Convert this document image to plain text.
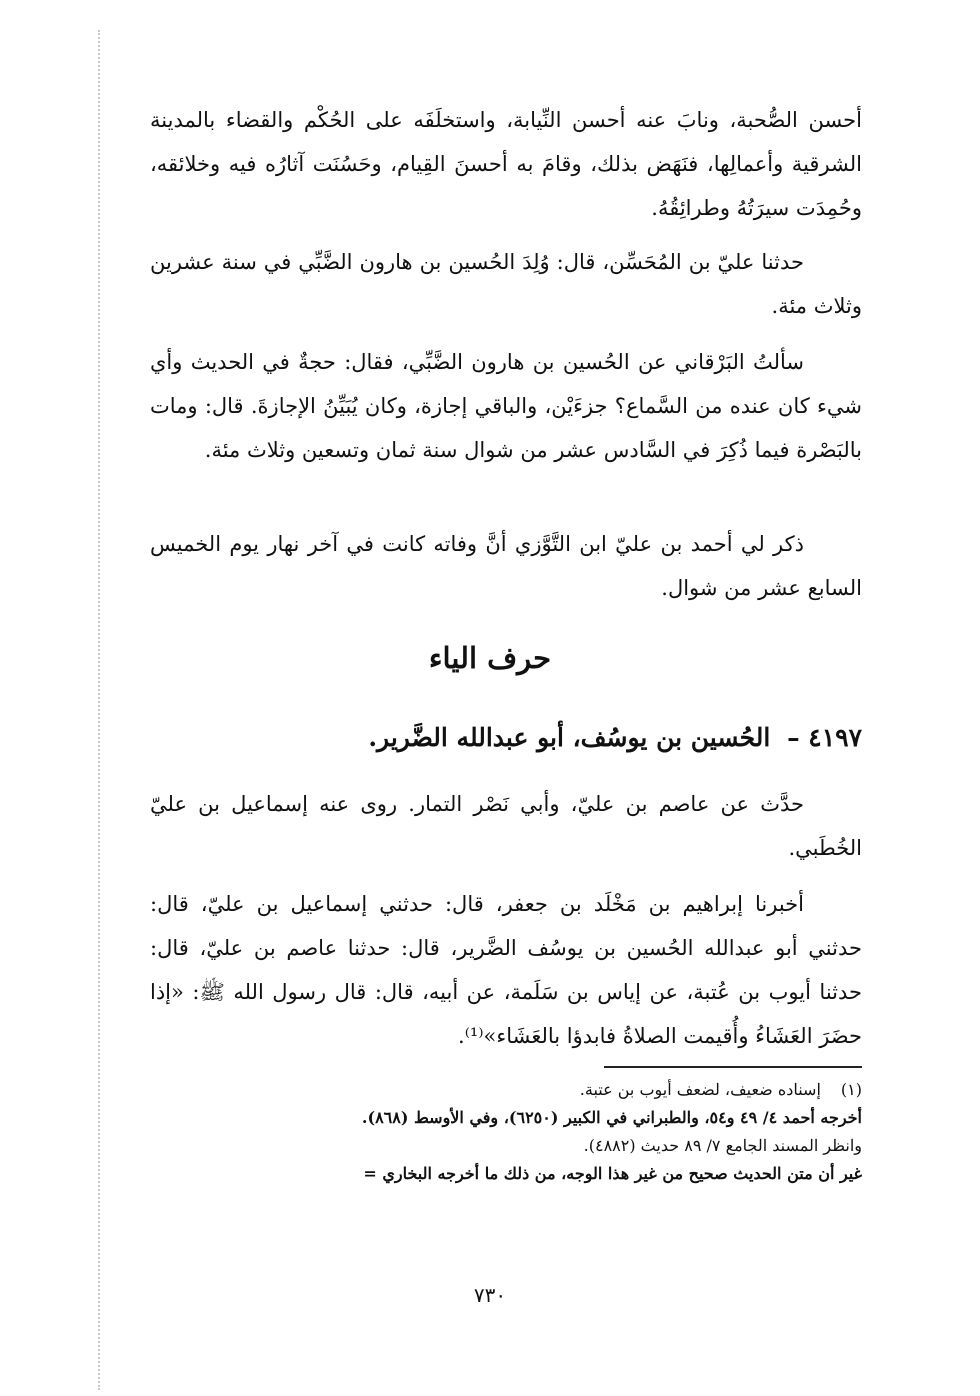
أحسن الصُّحبة، ونابَ عنه أحسن النِّيابة، واستخلَفَه على الحُكْم والقضاء بالمدينة الشرقية وأعمالِها، فنَهَض بذلك، وقامَ به أحسنَ القِيام، وحَسُنَت آثارُه فيه وخلائقه، وحُمِدَت سيرَتُهُ وطرائِقُهُ.

حدثنا عليّ بن المُحَسِّن، قال: وُلِدَ الحُسين بن هارون الضَّبِّي في سنة عشرين وثلاث مئة.

سألتُ البَرْقاني عن الحُسين بن هارون الضَّبِّي، فقال: حجةٌ في الحديث وأي شيء كان عنده من السَّماع؟ جزءَيْن، والباقي إجازة، وكان يُبَيِّنُ الإجازةَ. قال: ومات بالبَصْرة فيما ذُكِرَ في السَّادس عشر من شوال سنة ثمان وتسعين وثلاث مئة.

ذكر لي أحمد بن عليّ ابن التَّوَّزي أنَّ وفاته كانت في آخر نهار يوم الخميس السابع عشر من شوال.

حرف الياء
٤١٩٧ – الحُسين بن يوسُف، أبو عبدالله الضَّرير.

حدَّث عن عاصم بن عليّ، وأبي نَصْر التمار. روى عنه إسماعيل بن عليّ الخُطَبي.

أخبرنا إبراهيم بن مَخْلَد بن جعفر، قال: حدثني إسماعيل بن عليّ، قال: حدثني أبو عبدالله الحُسين بن يوسُف الضَّرير، قال: حدثنا عاصم بن عليّ، قال: حدثنا أيوب بن عُتبة، عن إياس بن سَلَمة، عن أبيه، قال: قال رسول الله ﷺ: «إذا حضَرَ العَشَاءُ وأُقيمت الصلاةُ فابدؤا بالعَشَاء»⁽¹⁾.

(١) إسناده ضعيف، لضعف أيوب بن عتبة.

أخرجه أحمد ٤/ ٤٩ و٥٤، والطبراني في الكبير (٦٢٥٠)، وفي الأوسط (٨٦٨).

وانظر المسند الجامع ٧/ ٨٩ حديث (٤٨٨٢).

غير أن متن الحديث صحيح من غير هذا الوجه، من ذلك ما أخرجه البخاري =

٧٣٠
